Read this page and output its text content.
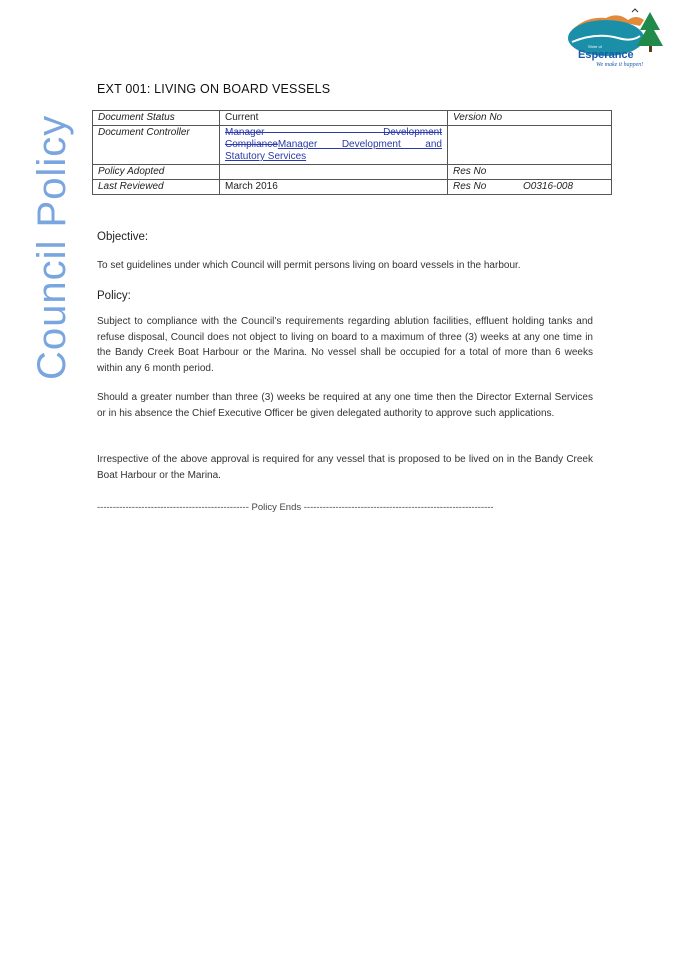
Council Policy
Shire of
Esperance
We make it happen!
EXT 001: LIVING ON BOARD VESSELS
Document Status	Current	Version No	
Document Controller	Manager Development
ComplianceManager Development and
Statutory Services		

Policy Adopted		Res No	
Last Reviewed	March 2016	Res No	O0316-008
Objective:

To set guidelines under which Council will permit persons living on board vessels in the harbour.

Policy:

Subject to compliance with the Council’s requirements regarding ablution facilities, effluent holding tanks and refuse disposal, Council does not object to living on board to a maximum of three (3) weeks at any one time in the Bandy Creek Boat Harbour or the Marina. No vessel shall be occupied for a total of more than 6 weeks within any 6 month period.

Should a greater number than three (3) weeks be required at any one time then the Director External Services or in his absence the Chief Executive Officer be given delegated authority to approve such applications.

Irrespective of the above approval is required for any vessel that is proposed to be lived on in the Bandy Creek Boat Harbour or the Marina.

------------------------------------------------ Policy Ends ------------------------------------------------------------
